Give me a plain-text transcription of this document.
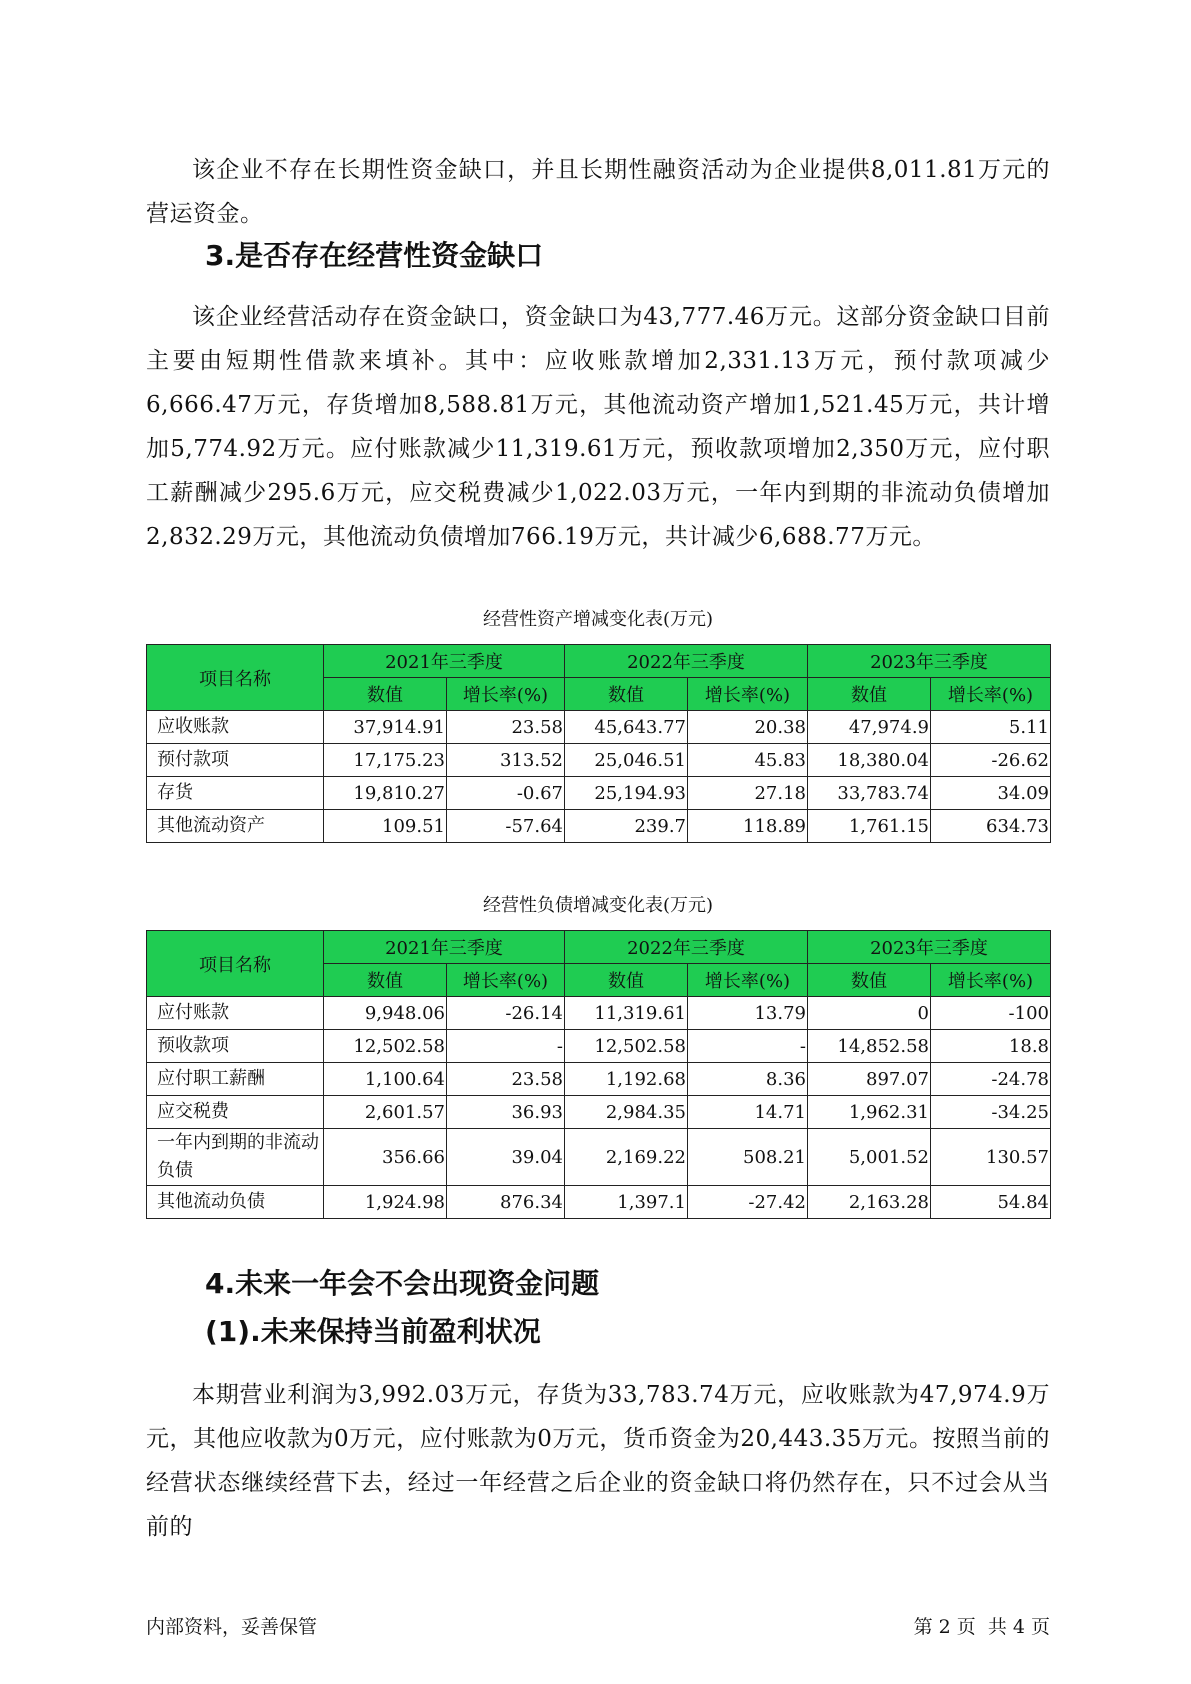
该企业不存在长期性资金缺口，并且长期性融资活动为企业提供8,011.81万元的营运资金。

3.是否存在经营性资金缺口

该企业经营活动存在资金缺口，资金缺口为43,777.46万元。这部分资金缺口目前主要由短期性借款来填补。其中：应收账款增加2,331.13万元，预付款项减少6,666.47万元，存货增加8,588.81万元，其他流动资产增加1,521.45万元，共计增加5,774.92万元。应付账款减少11,319.61万元，预收款项增加2,350万元，应付职工薪酬减少295.6万元，应交税费减少1,022.03万元，一年内到期的非流动负债增加2,832.29万元，其他流动负债增加766.19万元，共计减少6,688.77万元。

经营性资产增减变化表(万元)

项目名称	2021年三季度		2022年三季度		2023年三季度	
	数值	增长率(%)	数值	增长率(%)	数值	增长率(%)
应收账款	37,914.91	23.58	45,643.77	20.38	47,974.9	5.11
预付款项	17,175.23	313.52	25,046.51	45.83	18,380.04	-26.62
存货	19,810.27	-0.67	25,194.93	27.18	33,783.74	34.09
其他流动资产	109.51	-57.64	239.7	118.89	1,761.15	634.73

经营性负债增减变化表(万元)

项目名称	2021年三季度		2022年三季度		2023年三季度	
	数值	增长率(%)	数值	增长率(%)	数值	增长率(%)
应付账款	9,948.06	-26.14	11,319.61	13.79	0	-100
预收款项	12,502.58	-	12,502.58	-	14,852.58	18.8
应付职工薪酬	1,100.64	23.58	1,192.68	8.36	897.07	-24.78
应交税费	2,601.57	36.93	2,984.35	14.71	1,962.31	-34.25
一年内到期的非流动负债	356.66	39.04	2,169.22	508.21	5,001.52	130.57
其他流动负债	1,924.98	876.34	1,397.1	-27.42	2,163.28	54.84
4.未来一年会不会出现资金问题
(1).未来保持当前盈利状况

本期营业利润为3,992.03万元，存货为33,783.74万元，应收账款为47,974.9万元，其他应收款为0万元，应付账款为0万元，货币资金为20,443.35万元。按照当前的经营状态继续经营下去，经过一年经营之后企业的资金缺口将仍然存在，只不过会从当前的

内部资料，妥善保管	第 2 页  共 4 页
